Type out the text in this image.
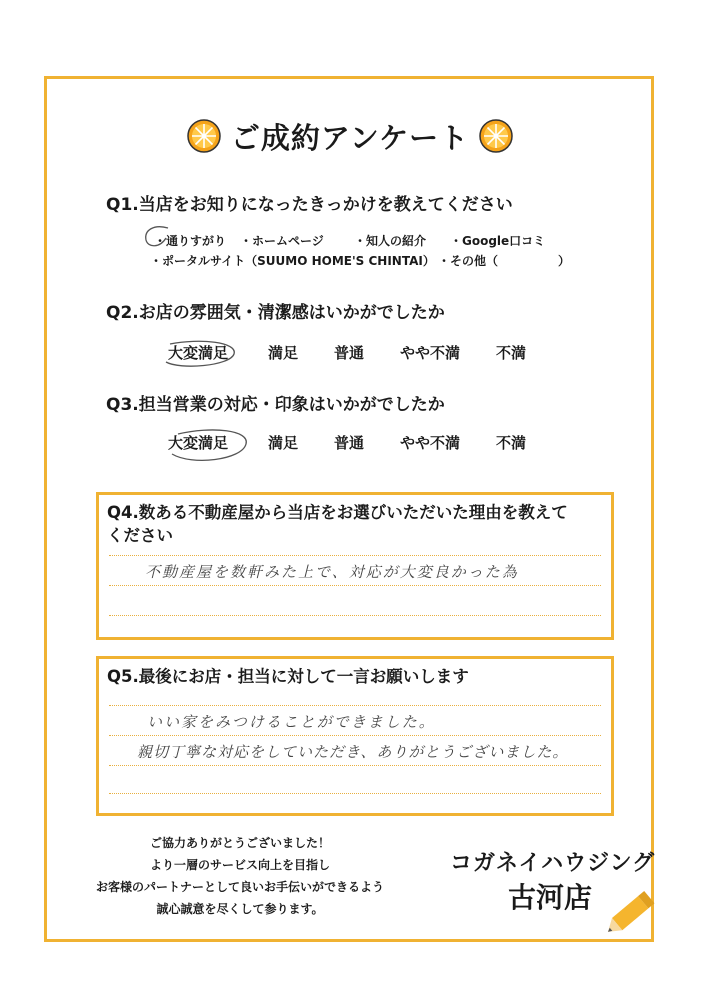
ご成約アンケート
Q1.当店をお知りになったきっかけを教えてください
・通りすがり ・ホームページ	・知人の紹介 ・Google口コミ
・ポータルサイト（SUUMO HOME'S CHINTAI） ・その他（　　　　　）
Q2.お店の雰囲気・清潔感はいかがでしたか
大変満足	満足 普通 やや不満 不満
Q3.担当営業の対応・印象はいかがでしたか
大変満足	満足 普通 やや不満 不満
Q4.数ある不動産屋から当店をお選びいただいた理由を教えて
ください
不動産屋を数軒みた上で、対応が大変良かった為
Q5.最後にお店・担当に対して一言お願いします
いい家をみつけることができました。
親切丁寧な対応をしていただき、ありがとうございました。
ご協力ありがとうございました！
より一層のサービス向上を目指し
お客様のパートナーとして良いお手伝いができるよう
誠心誠意を尽くして参ります。
コガネイハウジング
古河店
